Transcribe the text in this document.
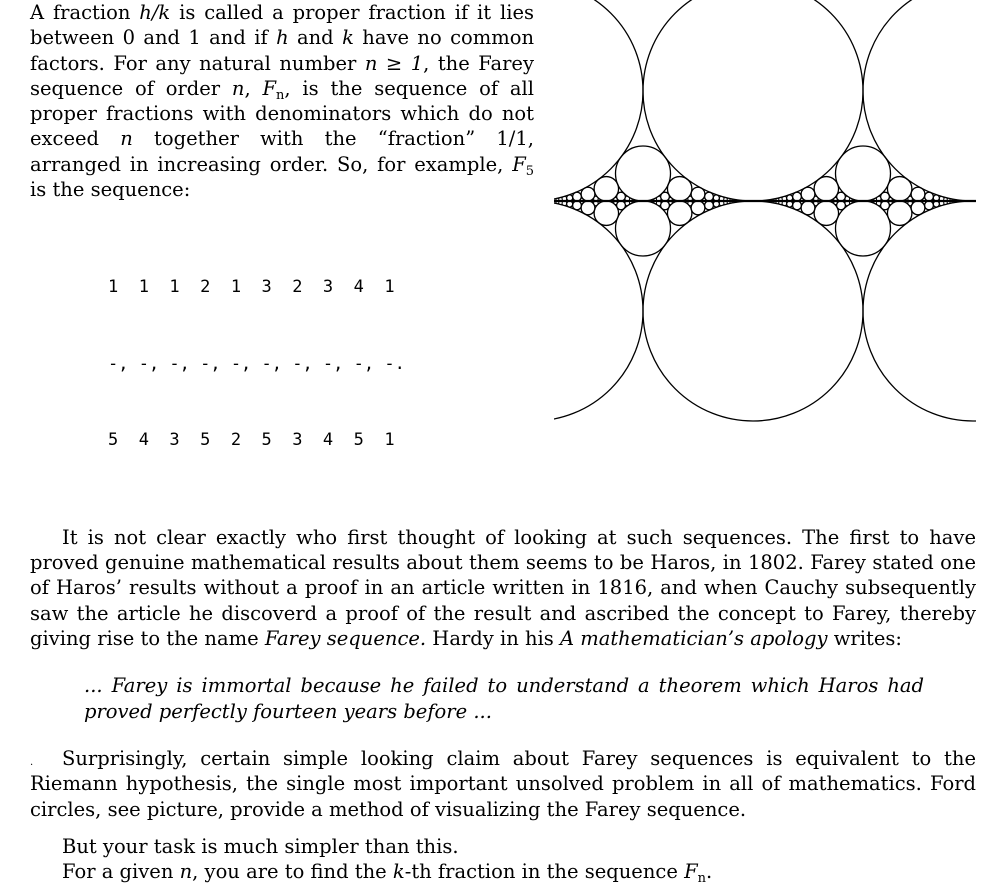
A fraction h/k is called a proper fraction if it lies between 0 and 1 and if h and k have no common factors. For any natural number n ≥ 1, the Farey sequence of order n, $F_n$, is the sequence of all proper fractions with denominators which do not exceed n together with the “fraction” 1/1, arranged in increasing order. So, for example, $F_5$ is the sequence:

1  1  1  2  1  3  2  3  4  1

-, -, -, -, -, -, -, -, -, -.

5  4  3  5  2  5  3  4  5  1

It is not clear exactly who first thought of looking at such sequences. The first to have proved genuine mathematical results about them seems to be Haros, in 1802. Farey stated one of Haros’ results without a proof in an article written in 1816, and when Cauchy subsequently saw the article he discoverd a proof of the result and ascribed the concept to Farey, thereby giving rise to the name Farey sequence. Hardy in his A mathematician’s apology writes:

... Farey is immortal because he failed to understand a theorem which Haros had proved perfectly fourteen years before ...

Surprisingly, certain simple looking claim about Farey sequences is equivalent to the Riemann hypothesis, the single most important unsolved problem in all of mathematics. Ford circles, see picture, provide a method of visualizing the Farey sequence.

But your task is much simpler than this.

For a given n, you are to find the k-th fraction in the sequence $F_n$.

.
